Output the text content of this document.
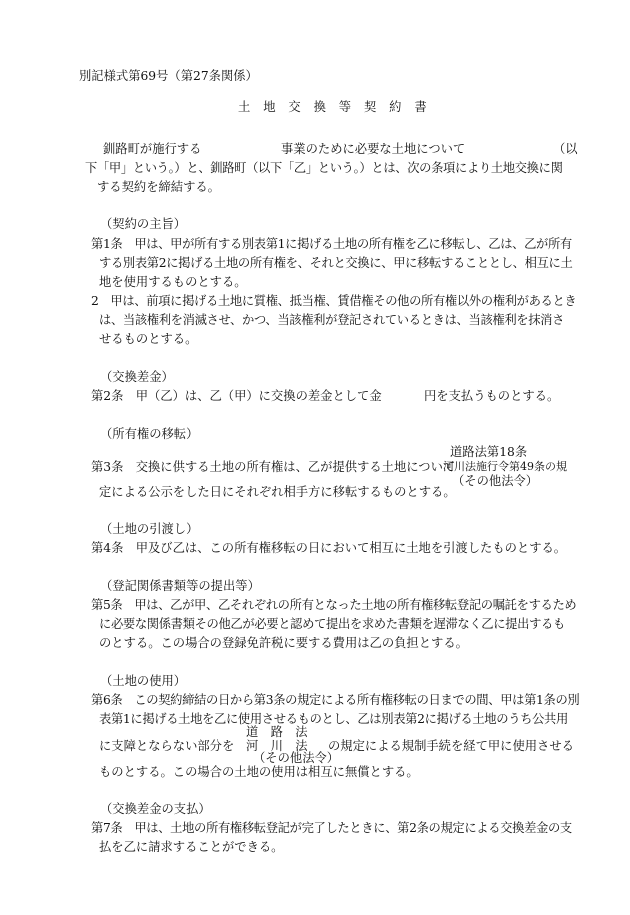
別記様式第69号（第27条関係）
土　地　交　換　等　契　約　書
釧路町が施行する	事業のために必要な土地について	（以
下「甲」という。）と、釧路町（以下「乙」という。）とは、次の条項により土地交換に関
する契約を締結する。
（契約の主旨）
第1条　甲は、甲が所有する別表第1に掲げる土地の所有権を乙に移転し、乙は、乙が所有
する別表第2に掲げる土地の所有権を、それと交換に、甲に移転することとし、相互に土
地を使用するものとする。
2　甲は、前項に掲げる土地に質権、抵当権、賃借権その他の所有権以外の権利があるとき
は、当該権利を消滅させ、かつ、当該権利が登記されているときは、当該権利を抹消さ
せるものとする。
（交換差金）
第2条　甲（乙）は、乙（甲）に交換の差金として金	円を支払うものとする。
（所有権の移転）
道路法第18条
第3条　交換に供する土地の所有権は、乙が提供する土地について
河川法施行令第49条の規
（その他法令）
定による公示をした日にそれぞれ相手方に移転するものとする。
（土地の引渡し）
第4条　甲及び乙は、この所有権移転の日において相互に土地を引渡したものとする。
（登記関係書類等の提出等）
第5条　甲は、乙が甲、乙それぞれの所有となった土地の所有権移転登記の嘱託をするため
に必要な関係書類その他乙が必要と認めて提出を求めた書類を遅滞なく乙に提出するも
のとする。この場合の登録免許税に要する費用は乙の負担とする。
（土地の使用）
第6条　この契約締結の日から第3条の規定による所有権移転の日までの間、甲は第1条の別
表第1に掲げる土地を乙に使用させるものとし、乙は別表第2に掲げる土地のうち公共用
道　路　法
に支障とならない部分を 河　川　法 の規定による規制手続を経て甲に使用させる
（その他法令）
ものとする。この場合の土地の使用は相互に無償とする。
（交換差金の支払）
第7条　甲は、土地の所有権移転登記が完了したときに、第2条の規定による交換差金の支
払を乙に請求することができる。
